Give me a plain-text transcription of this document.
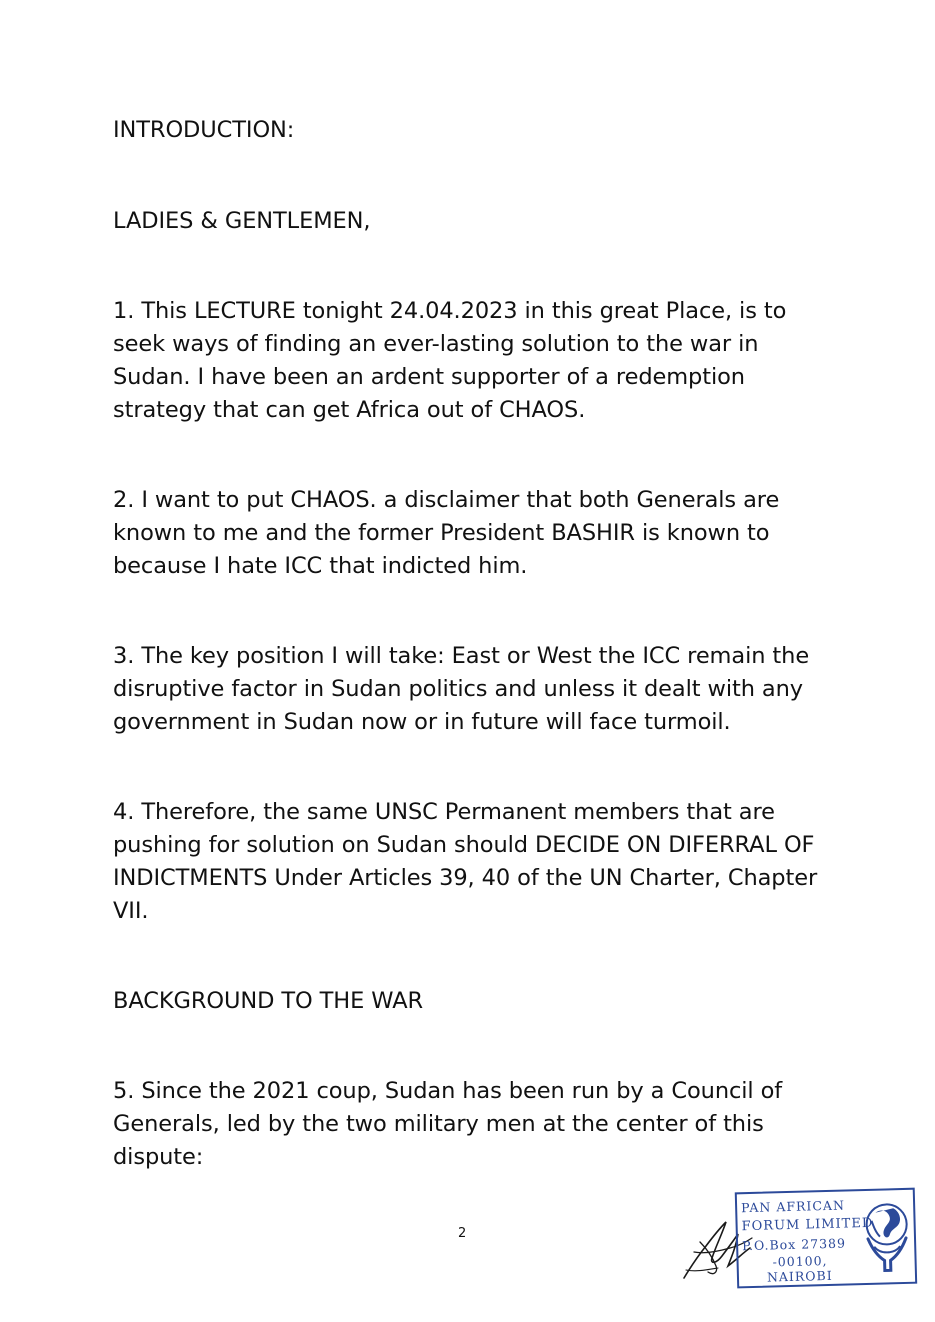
INTRODUCTION:

LADIES & GENTLEMEN,

1. This LECTURE tonight 24.04.2023 in this great Place, is to seek ways of finding an ever-lasting solution to the war in Sudan. I have been an ardent supporter of a redemption strategy that can get Africa out of CHAOS.

2. I want to put CHAOS. a disclaimer that both Generals are known to me and the former President BASHIR is known to because I hate ICC that indicted him.

3. The key position I will take: East or West the ICC remain the disruptive factor in Sudan politics and unless it dealt with any government in Sudan now or in future will face turmoil.

4. Therefore, the same UNSC Permanent members that are pushing for solution on Sudan should DECIDE ON DIFERRAL OF INDICTMENTS Under Articles 39, 40 of the UN Charter, Chapter VII.

BACKGROUND TO THE WAR

5. Since the 2021 coup, Sudan has been run by a Council of Generals, led by the two military men at the center of this dispute:

2
PAN AFRICAN
FORUM LIMITED
P.O.Box 27389
-00100,
NAIROBI
